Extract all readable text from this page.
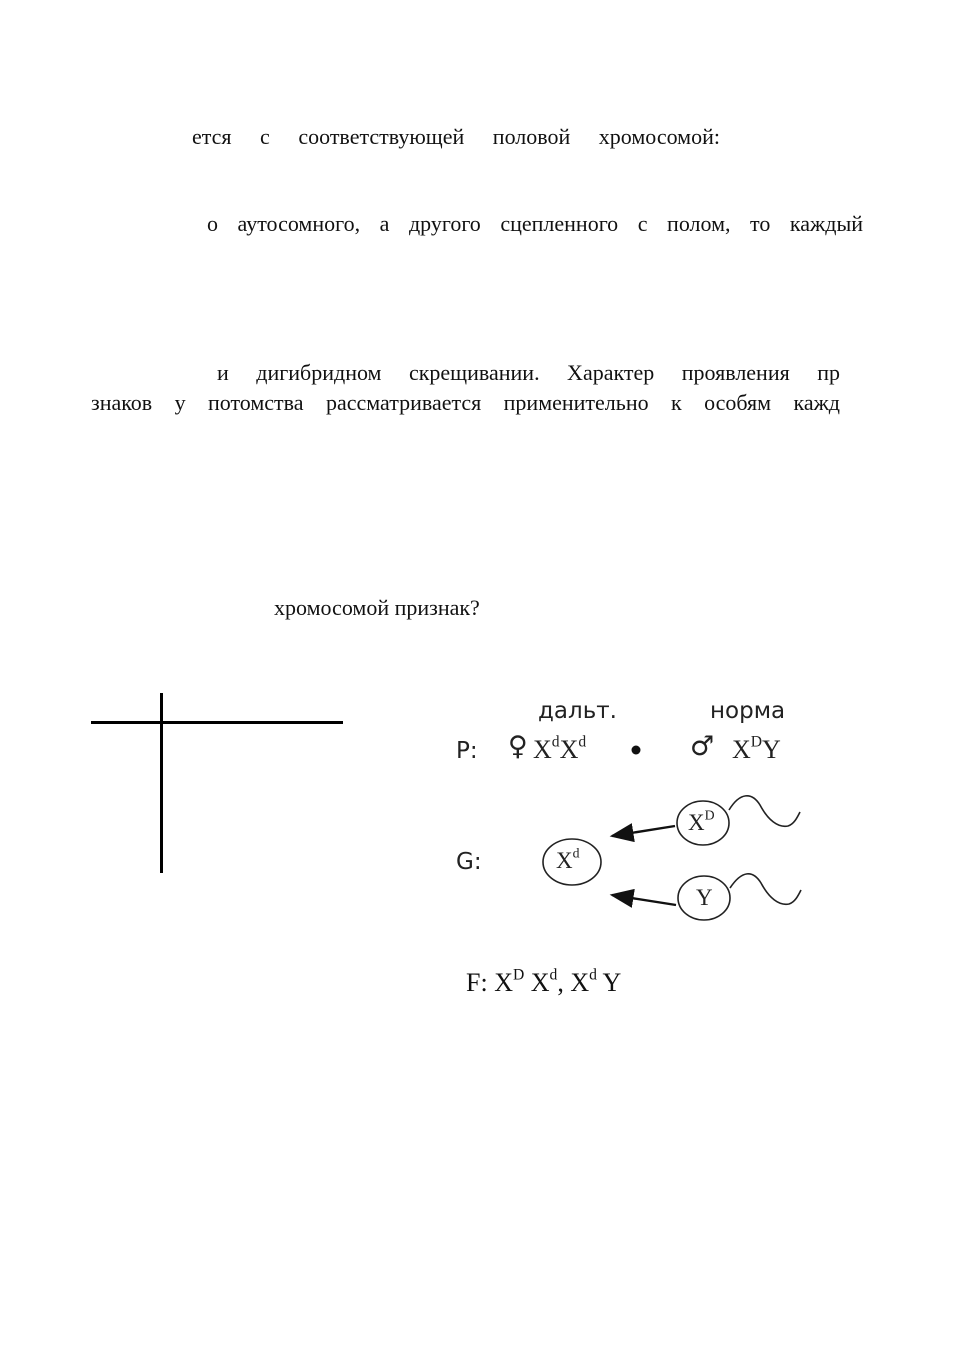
ется с соответствующей половой хромосомой:
о аутосомного, а другого сцепленного с полом, то каждый
и дигибридном скрещивании. Характер проявления пр
знаков у потомства рассматривается применительно к особям кажд
хромосомой признак?
дальт.	норма
P: ♀ $X^dX^d$	♂ $X^DY$
G:	$X^d$
$X^D$
Y
F: $X^D$ $X^d$, $X^d$ Y
